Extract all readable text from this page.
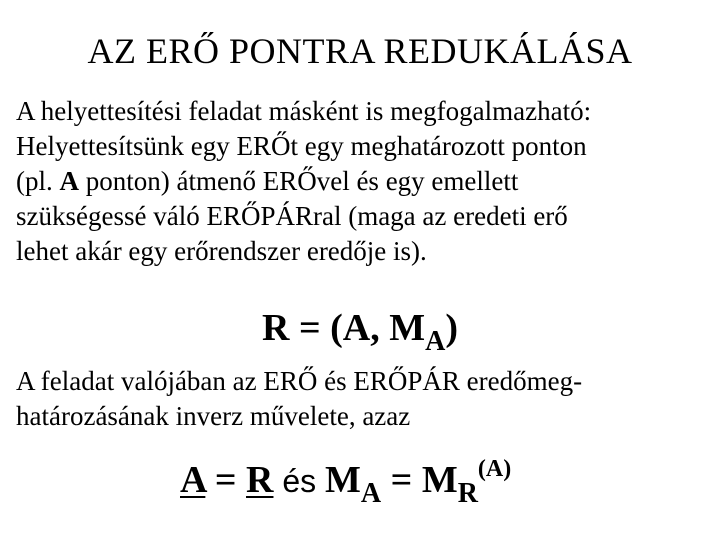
AZ ERŐ PONTRA REDUKÁLÁSA
A helyettesítési feladat másként is megfogalmazható:
Helyettesítsünk egy ERŐt egy meghatározott ponton
(pl. A ponton) átmenő ERŐvel és egy emellett
szükségessé váló ERŐPÁRral (maga az eredeti erő
lehet akár egy erőrendszer eredője is).
R = (A, $M_A$)
A feladat valójában az ERŐ és ERŐPÁR eredőmeg-
határozásának inverz művelete, azaz
A = R és $M_A = M_R^{(A)}$
